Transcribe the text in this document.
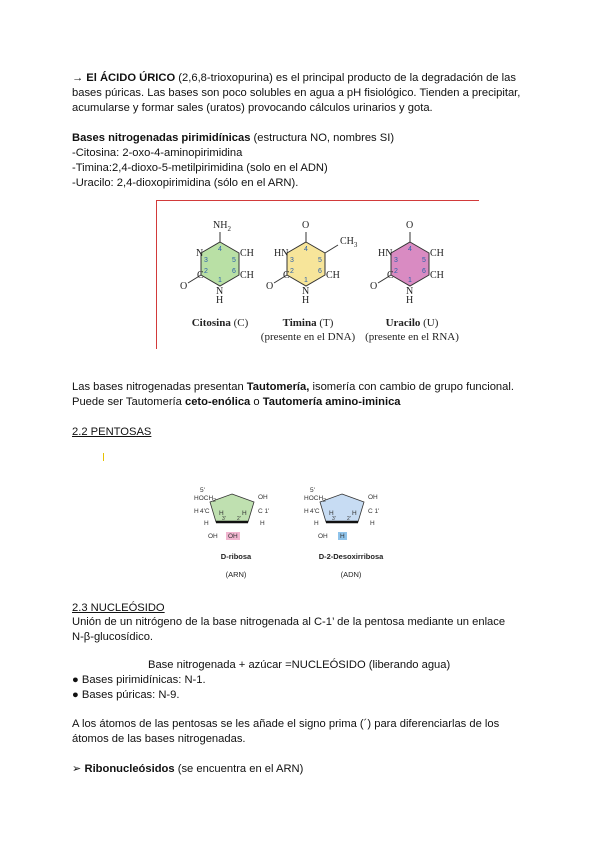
→ El ÁCIDO ÚRICO (2,6,8-trioxopurina) es el principal producto de la degradación de las
bases púricas. Las bases son poco solubles en agua a pH fisiológico. Tienden a precipitar,
acumularse y formar sales (uratos) provocando cálculos urinarios y gota.
Bases nitrogenadas pirimidínicas (estructura NO, nombres SI)
-Citosina: 2-oxo-4-aminopirimidina
-Timina:2,4-dioxo-5-metilpirimidina (solo en el ADN)
-Uracilo: 2,4-dioxopirimidina (sólo en el ARN).
$NH_2$
N	CH
CH
C
O	N
H
4
3
2
1
5
6
O
$CH_3$
HN
CH
C
O	N
H
4
3
2
1
5
6
O
HN	CH
CH
C
O	N
H
4
3
2
1
5
6
Citosina (C)	Timina (T)
(presente en el DNA)
Uracilo (U)
(presente en el RNA)
Las bases nitrogenadas presentan Tautomería, isomería con cambio de grupo funcional.
Puede ser Tautomería ceto-enólica o Tautomería amino-iminica
2.2 PENTOSAS
5'
$HOCH_2$	OH
H 4'C	C 1'
H	H
H	H
3' 2'
OH OH
5'
$HOCH_2$	OH
H 4'C	C 1'
H	H
H	H
3' 2'
OH H
D-ribosa
(ARN)
D-2-Desoxirribosa
(ADN)
2.3 NUCLEÓSIDO
Unión de un nitrógeno de la base nitrogenada al C-1’ de la pentosa mediante un enlace
N-β-glucosídico.
Base nitrogenada + azúcar =NUCLEÓSIDO (liberando agua)
● Bases pirimidínicas: N-1.
● Bases púricas: N-9.
A los átomos de las pentosas se les añade el signo prima (´) para diferenciarlas de los
átomos de las bases nitrogenadas.
➢ Ribonucleósidos (se encuentra en el ARN)
